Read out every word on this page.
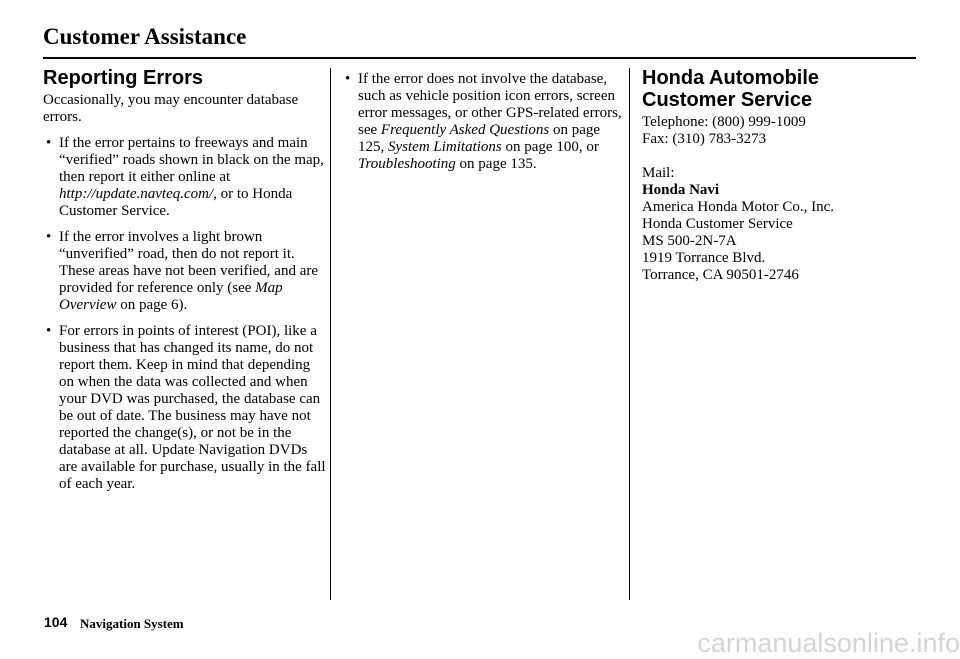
Customer Assistance
Reporting Errors

Occasionally, you may encounter database errors.

• If the error pertains to freeways and main “verified” roads shown in black on the map, then report it either online at http://update.navteq.com/, or to Honda Customer Service.
• If the error involves a light brown “unverified” road, then do not report it. These areas have not been verified, and are provided for reference only (see Map Overview on page 6).
• For errors in points of interest (POI), like a business that has changed its name, do not report them. Keep in mind that depending on when the data was collected and when your DVD was purchased, the database can be out of date. The business may have not reported the change(s), or not be in the database at all. Update Navigation DVDs are available for purchase, usually in the fall of each year.
• If the error does not involve the database, such as vehicle position icon errors, screen error messages, or other GPS-related errors, see Frequently Asked Questions on page 125, System Limitations on page 100, or Troubleshooting on page 135.
Honda Automobile
Customer Service

Telephone: (800) 999-1009

Fax: (310) 783-3273

Mail:

Honda Navi

America Honda Motor Co., Inc.

Honda Customer Service

MS 500-2N-7A

1919 Torrance Blvd.

Torrance, CA 90501-2746

104 Navigation System
carmanualsonline.info
